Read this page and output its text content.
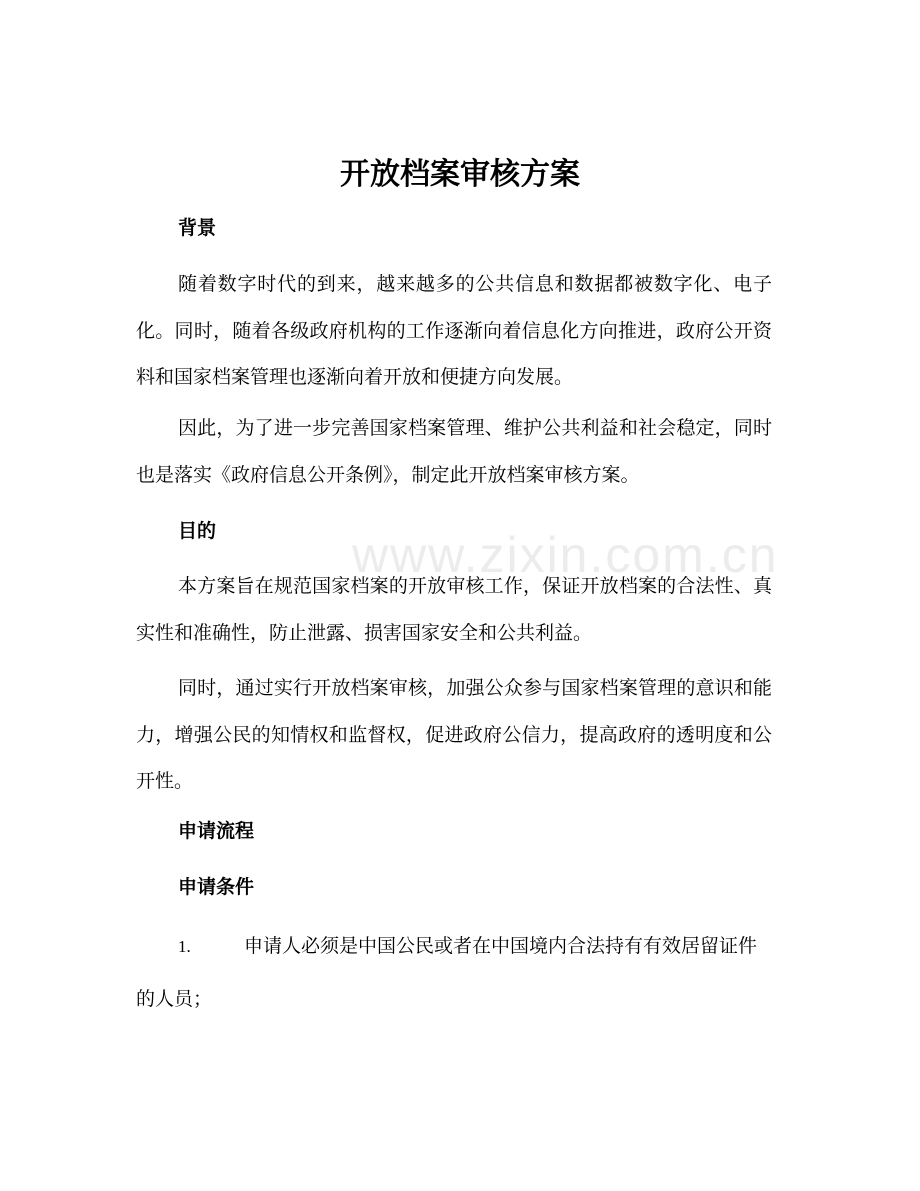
www.zixin.com.cn
开放档案审核方案
背景

随着数字时代的到来，越来越多的公共信息和数据都被数字化、电子化。同时，随着各级政府机构的工作逐渐向着信息化方向推进，政府公开资料和国家档案管理也逐渐向着开放和便捷方向发展。

因此，为了进一步完善国家档案管理、维护公共利益和社会稳定，同时也是落实《政府信息公开条例》，制定此开放档案审核方案。

目的

本方案旨在规范国家档案的开放审核工作，保证开放档案的合法性、真实性和准确性，防止泄露、损害国家安全和公共利益。

同时，通过实行开放档案审核，加强公众参与国家档案管理的意识和能力，增强公民的知情权和监督权，促进政府公信力，提高政府的透明度和公开性。

申请流程
申请条件
1.	申请人必须是中国公民或者在中国境内合法持有有效居留证件的人员；
